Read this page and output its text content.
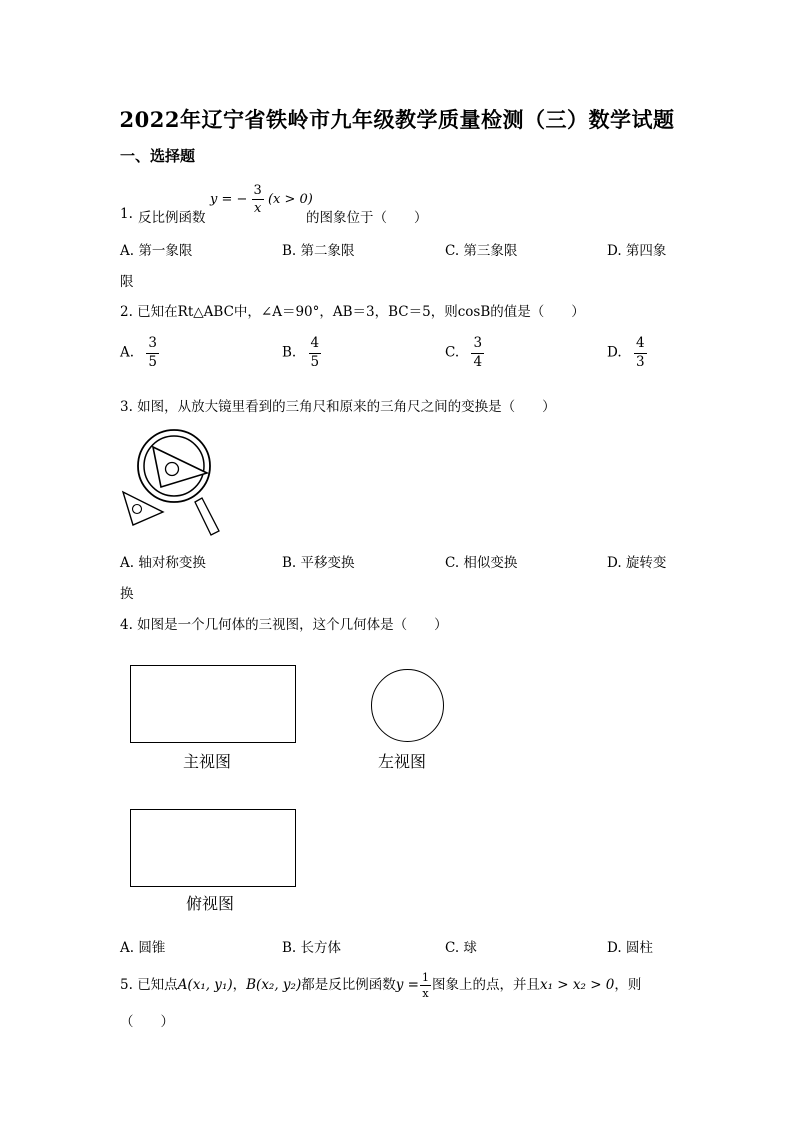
2022年辽宁省铁岭市九年级教学质量检测（三）数学试题
一、选择题
1. 反比例函数
y = − $\frac{3}{x} (x > 0)$
的图象位于（　　）
A. 第一象限	B. 第二象限	C. 第三象限	D. 第四象
限
2. 已知在Rt△ABC中，∠A＝90°，AB＝3，BC＝5，则cosB的值是（　　）
A. $\frac{3}{5}$	B. $\frac{4}{5}$	C. $\frac{3}{4}$	D. $\frac{4}{3}$
3. 如图，从放大镜里看到的三角尺和原来的三角尺之间的变换是（　　）
A. 轴对称变换	B. 平移变换	C. 相似变换	D. 旋转变
换
4. 如图是一个几何体的三视图，这个几何体是（　　）
主视图	左视图
俯视图
A. 圆锥	B. 长方体	C. 球	D. 圆柱
5. 已知点A(x₁, y₁)，B(x₂, y₂)都是反比例函数$y = \frac{1}{x}$ 图象上的点，并且x₁ > x₂ > 0，则
（　　）
